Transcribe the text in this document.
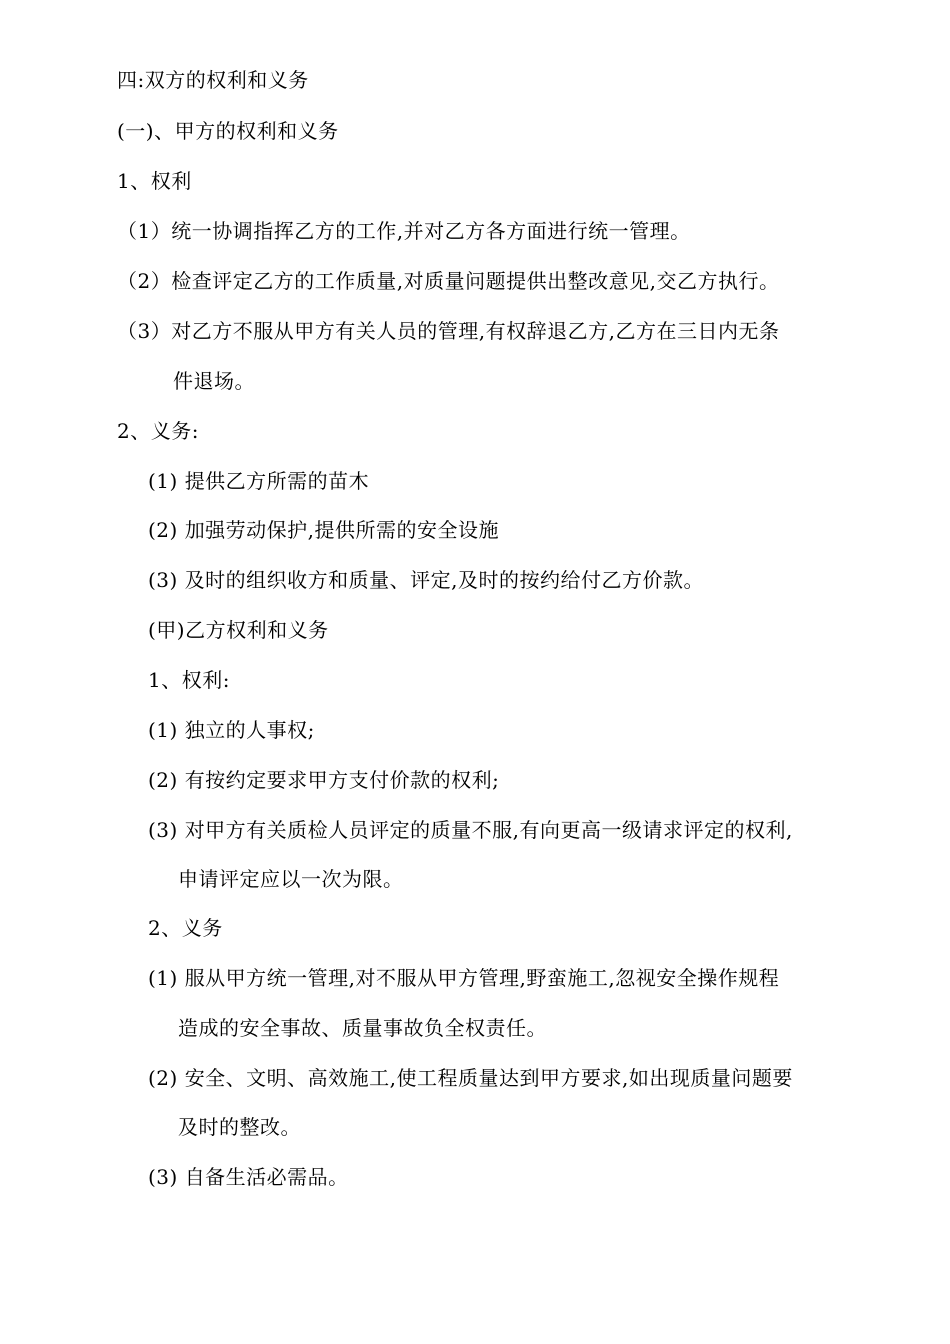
四:双方的权利和义务
(一)、甲方的权利和义务
1、权利
（1）统一协调指挥乙方的工作,并对乙方各方面进行统一管理。
（2）检查评定乙方的工作质量,对质量问题提供出整改意见,交乙方执行。
（3）对乙方不服从甲方有关人员的管理,有权辞退乙方,乙方在三日内无条
件退场。
2、义务:
(1) 提供乙方所需的苗木
(2) 加强劳动保护,提供所需的安全设施
(3) 及时的组织收方和质量、评定,及时的按约给付乙方价款。
(甲)乙方权利和义务
1、权利:
(1) 独立的人事权;
(2) 有按约定要求甲方支付价款的权利;
(3) 对甲方有关质检人员评定的质量不服,有向更高一级请求评定的权利,
申请评定应以一次为限。
2、义务
(1) 服从甲方统一管理,对不服从甲方管理,野蛮施工,忽视安全操作规程
造成的安全事故、质量事故负全权责任。
(2) 安全、文明、高效施工,使工程质量达到甲方要求,如出现质量问题要
及时的整改。
(3) 自备生活必需品。
